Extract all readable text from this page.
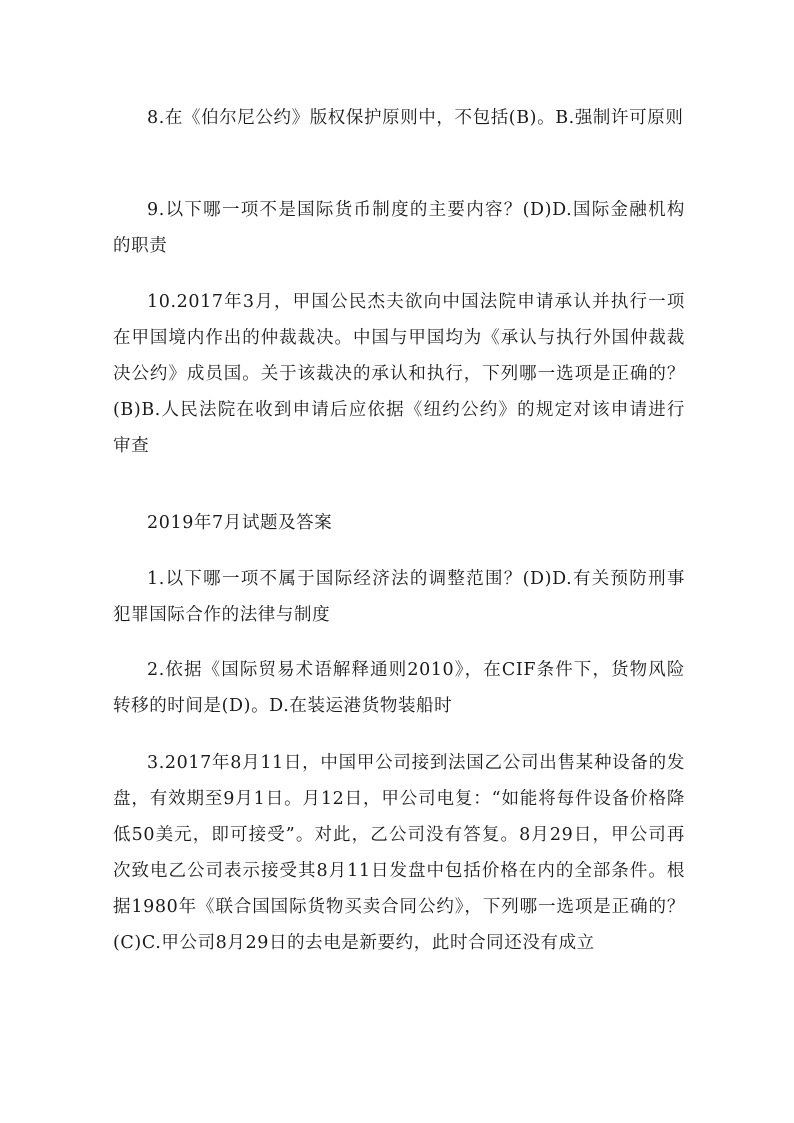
8.在《伯尔尼公约》版权保护原则中，不包括(B)。B.强制许可原则

9.以下哪一项不是国际货币制度的主要内容？(D)D.国际金融机构的职责

10.2017年3月，甲国公民杰夫欲向中国法院申请承认并执行一项在甲国境内作出的仲裁裁决。中国与甲国均为《承认与执行外国仲裁裁决公约》成员国。关于该裁决的承认和执行，下列哪一选项是正确的？(B)B.人民法院在收到申请后应依据《纽约公约》的规定对该申请进行审查

2019年7月试题及答案

1.以下哪一项不属于国际经济法的调整范围？(D)D.有关预防刑事犯罪国际合作的法律与制度

2.依据《国际贸易术语解释通则2010》，在CIF条件下，货物风险转移的时间是(D)。D.在装运港货物装船时

3.2017年8月11日，中国甲公司接到法国乙公司出售某种设备的发盘，有效期至9月1日。月12日，甲公司电复：“如能将每件设备价格降低50美元，即可接受”。对此，乙公司没有答复。8月29日，甲公司再次致电乙公司表示接受其8月11日发盘中包括价格在内的全部条件。根据1980年《联合国国际货物买卖合同公约》，下列哪一选项是正确的？(C)C.甲公司8月29日的去电是新要约，此时合同还没有成立
